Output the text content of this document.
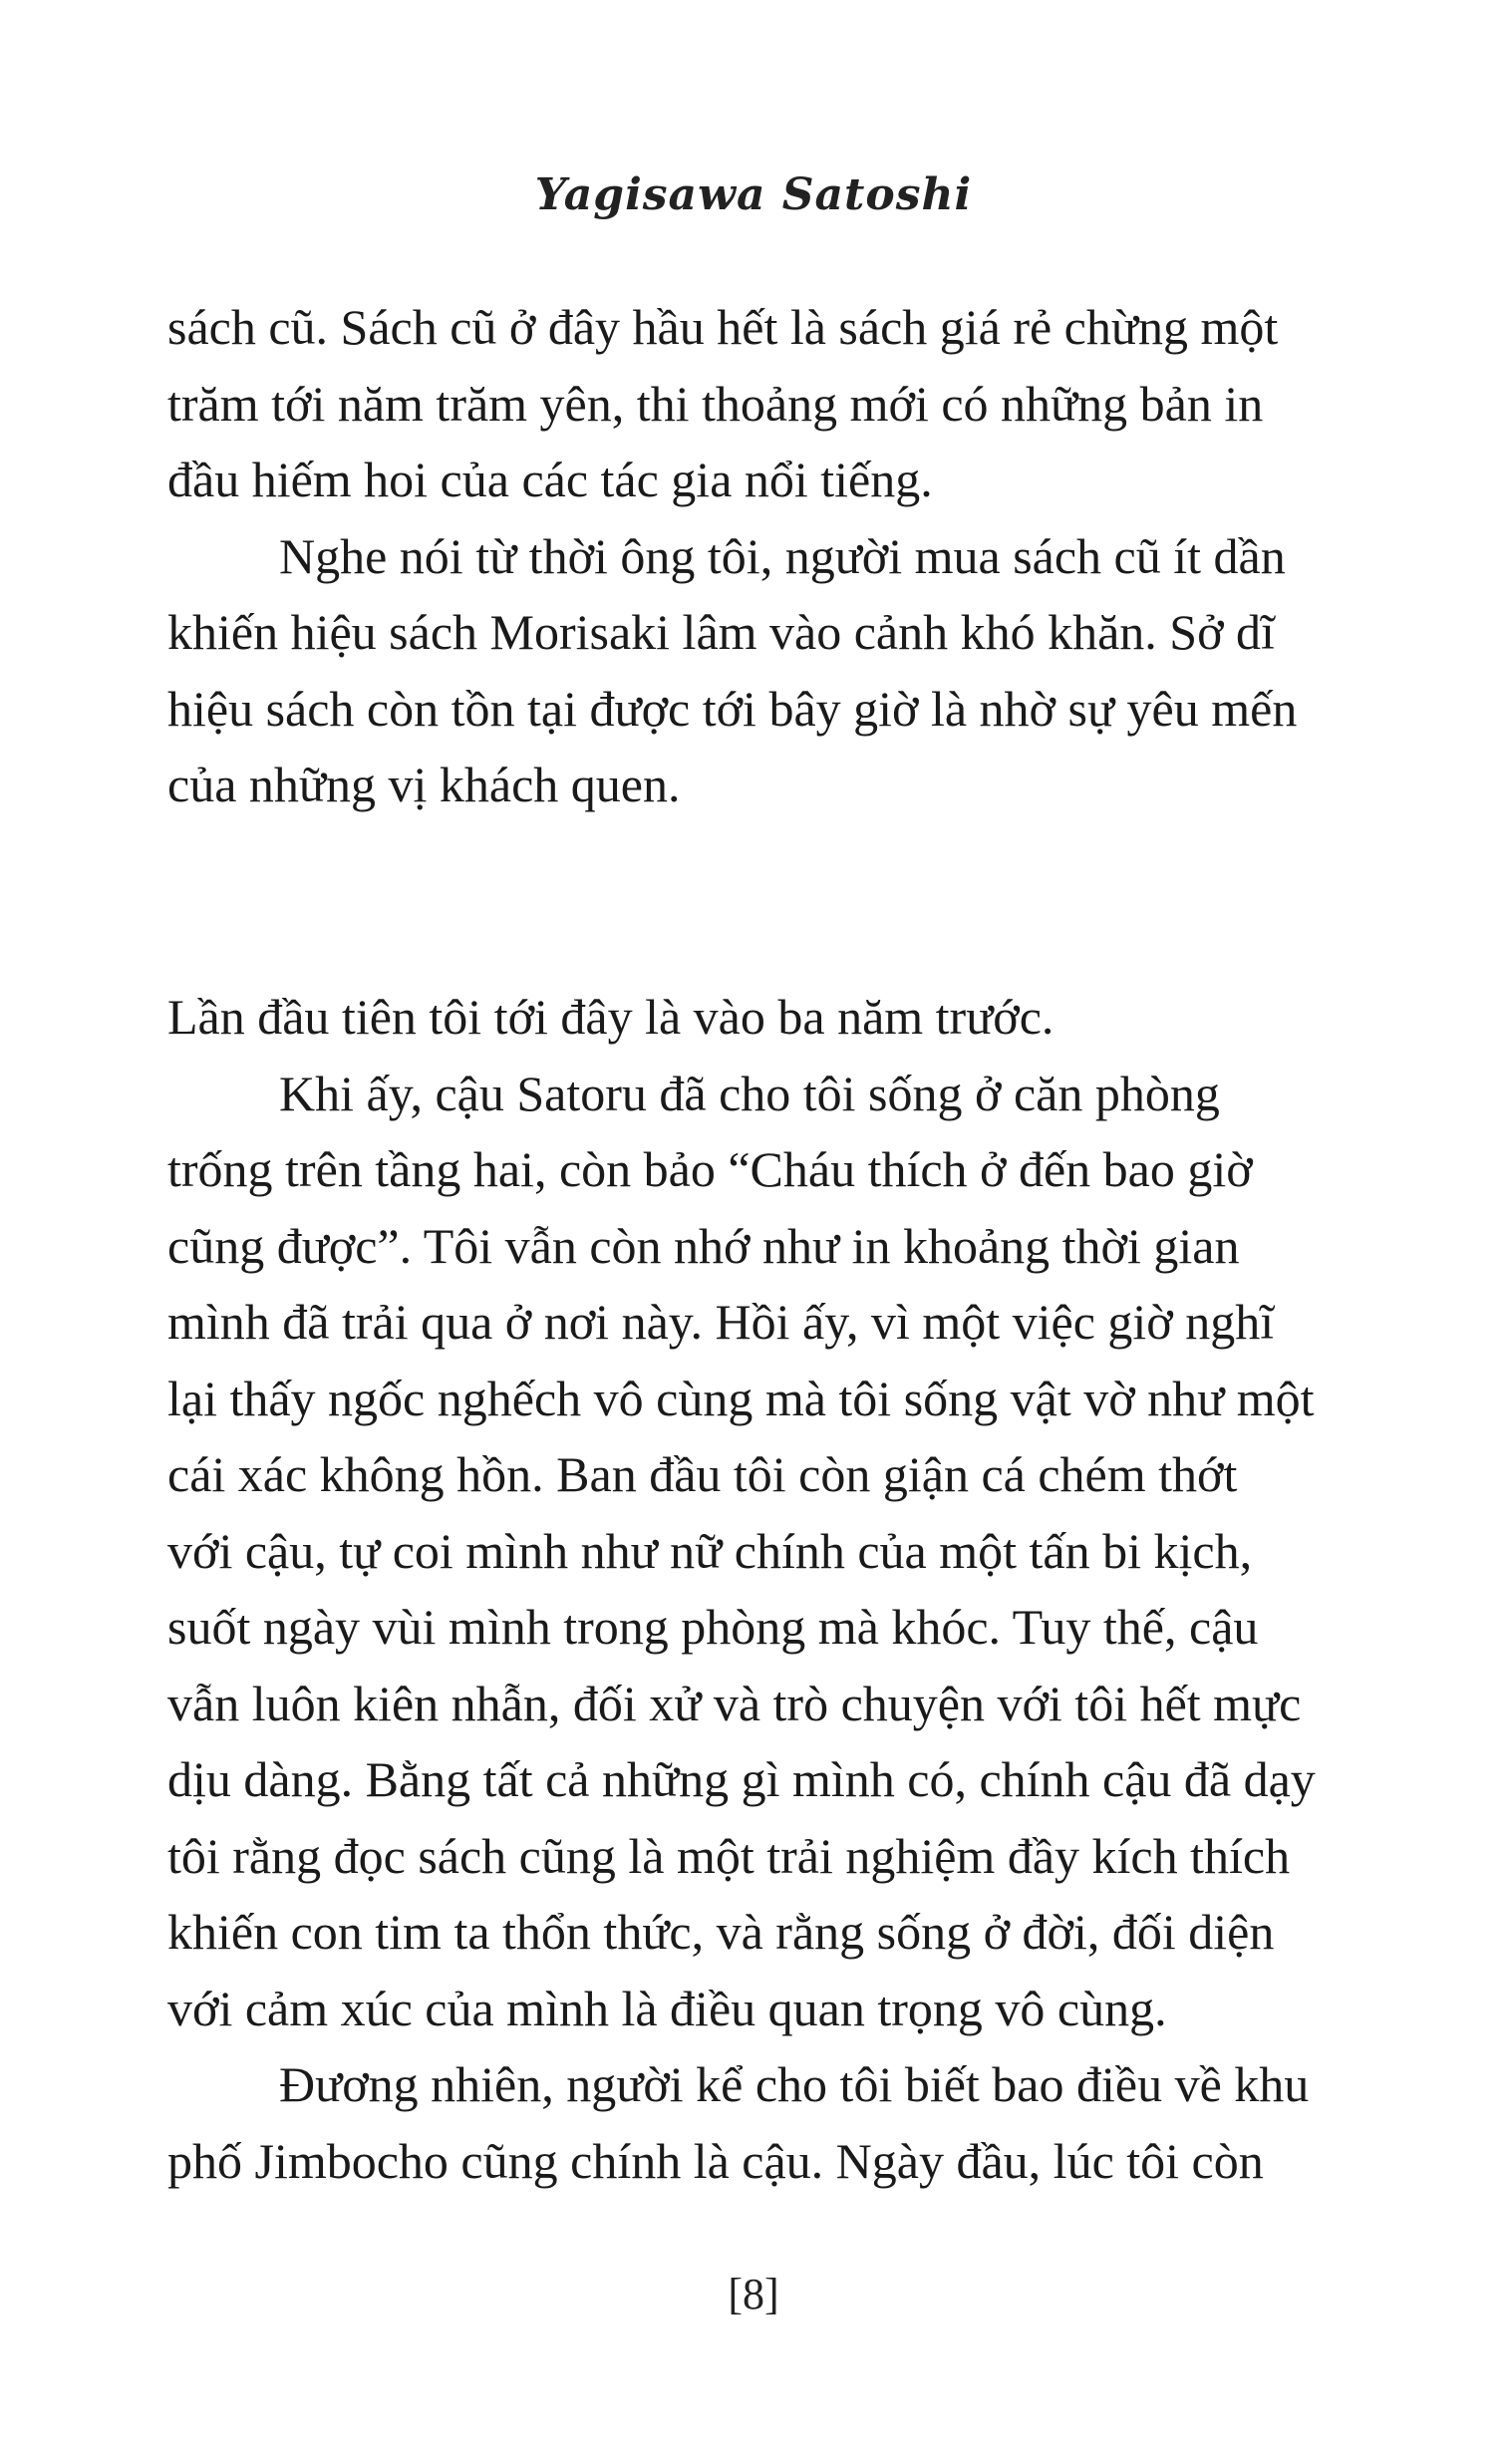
Yagisawa Satoshi

sách cũ. Sách cũ ở đây hầu hết là sách giá rẻ chừng một
trăm tới năm trăm yên, thi thoảng mới có những bản in
đầu hiếm hoi của các tác gia nổi tiếng.

Nghe nói từ thời ông tôi, người mua sách cũ ít dần
khiến hiệu sách Morisaki lâm vào cảnh khó khăn. Sở dĩ
hiệu sách còn tồn tại được tới bây giờ là nhờ sự yêu mến
của những vị khách quen.

Lần đầu tiên tôi tới đây là vào ba năm trước.

Khi ấy, cậu Satoru đã cho tôi sống ở căn phòng
trống trên tầng hai, còn bảo “Cháu thích ở đến bao giờ
cũng được”. Tôi vẫn còn nhớ như in khoảng thời gian
mình đã trải qua ở nơi này. Hồi ấy, vì một việc giờ nghĩ
lại thấy ngốc nghếch vô cùng mà tôi sống vật vờ như một
cái xác không hồn. Ban đầu tôi còn giận cá chém thớt
với cậu, tự coi mình như nữ chính của một tấn bi kịch,
suốt ngày vùi mình trong phòng mà khóc. Tuy thế, cậu
vẫn luôn kiên nhẫn, đối xử và trò chuyện với tôi hết mực
dịu dàng. Bằng tất cả những gì mình có, chính cậu đã dạy
tôi rằng đọc sách cũng là một trải nghiệm đầy kích thích
khiến con tim ta thổn thức, và rằng sống ở đời, đối diện
với cảm xúc của mình là điều quan trọng vô cùng.

Đương nhiên, người kể cho tôi biết bao điều về khu
phố Jimbocho cũng chính là cậu. Ngày đầu, lúc tôi còn

[8]
